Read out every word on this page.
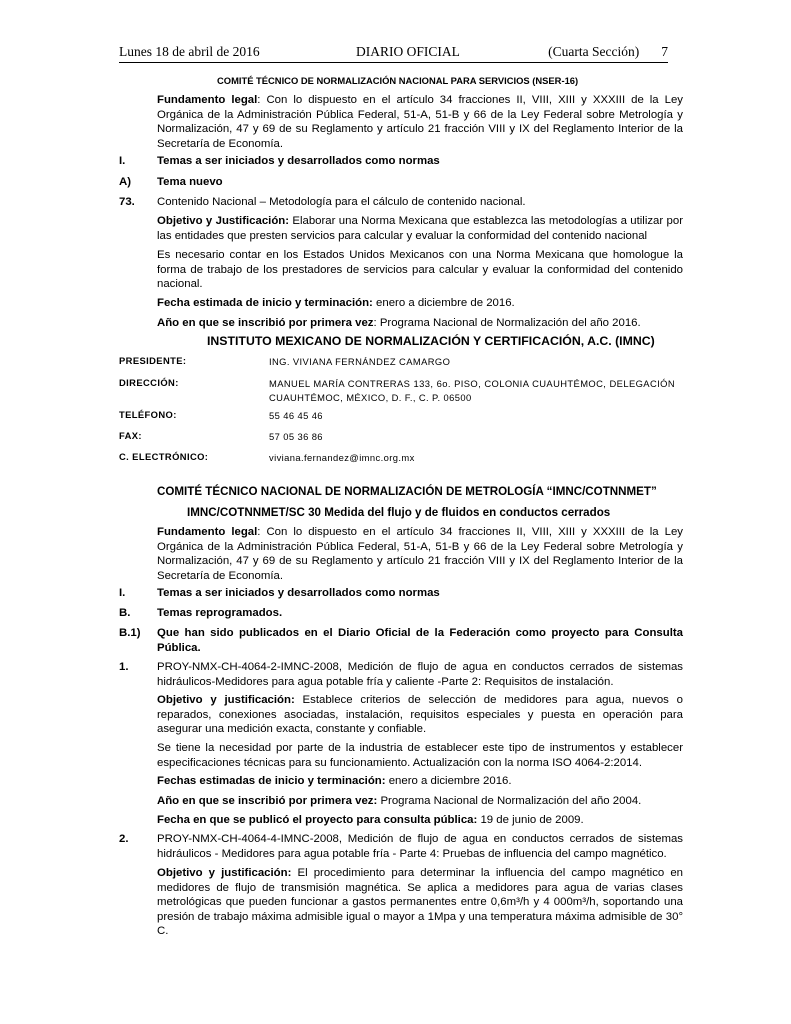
Lunes 18 de abril de 2016	DIARIO OFICIAL	(Cuarta Sección) 7
COMITÉ TÉCNICO DE NORMALIZACIÓN NACIONAL PARA SERVICIOS (NSER-16)
Fundamento legal: Con lo dispuesto en el artículo 34 fracciones II, VIII, XIII y XXXIII de la Ley Orgánica de la Administración Pública Federal, 51-A, 51-B y 66 de la Ley Federal sobre Metrología y Normalización, 47 y 69 de su Reglamento y artículo 21 fracción VIII y IX del Reglamento Interior de la Secretaría de Economía.
I.	Temas a ser iniciados y desarrollados como normas
A) Tema nuevo
73. Contenido Nacional – Metodología para el cálculo de contenido nacional.
Objetivo y Justificación: Elaborar una Norma Mexicana que establezca las metodologías a utilizar por las entidades que presten servicios para calcular y evaluar la conformidad del contenido nacional
Es necesario contar en los Estados Unidos Mexicanos con una Norma Mexicana que homologue la forma de trabajo de los prestadores de servicios para calcular y evaluar la conformidad del contenido nacional.
Fecha estimada de inicio y terminación: enero a diciembre de 2016.
Año en que se inscribió por primera vez: Programa Nacional de Normalización del año 2016.
INSTITUTO MEXICANO DE NORMALIZACIÓN Y CERTIFICACIÓN, A.C. (IMNC)
PRESIDENTE:	ING. VIVIANA FERNÁNDEZ CAMARGO
DIRECCIÓN:	MANUEL MARÍA CONTRERAS 133, 6o. PISO, COLONIA CUAUHTÉMOC, DELEGACIÓN CUAUHTÉMOC, MÉXICO, D. F., C. P. 06500
TELÉFONO:	55 46 45 46
FAX:	57 05 36 86
C. ELECTRÓNICO:	viviana.fernandez@imnc.org.mx
COMITÉ TÉCNICO NACIONAL DE NORMALIZACIÓN DE METROLOGÍA “IMNC/COTNNMET”
IMNC/COTNNMET/SC 30 Medida del flujo y de fluidos en conductos cerrados
Fundamento legal: Con lo dispuesto en el artículo 34 fracciones II, VIII, XIII y XXXIII de la Ley Orgánica de la Administración Pública Federal, 51-A, 51-B y 66 de la Ley Federal sobre Metrología y Normalización, 47 y 69 de su Reglamento y artículo 21 fracción VIII y IX del Reglamento Interior de la Secretaría de Economía.
I.	Temas a ser iniciados y desarrollados como normas
B. Temas reprogramados.
B.1) Que han sido publicados en el Diario Oficial de la Federación como proyecto para Consulta Pública.
1.	PROY-NMX-CH-4064-2-IMNC-2008, Medición de flujo de agua en conductos cerrados de sistemas hidráulicos-Medidores para agua potable fría y caliente -Parte 2: Requisitos de instalación.
Objetivo y justificación: Establece criterios de selección de medidores para agua, nuevos o reparados, conexiones asociadas, instalación, requisitos especiales y puesta en operación para asegurar una medición exacta, constante y confiable.
Se tiene la necesidad por parte de la industria de establecer este tipo de instrumentos y establecer especificaciones técnicas para su funcionamiento. Actualización con la norma ISO 4064-2:2014.
Fechas estimadas de inicio y terminación: enero a diciembre 2016.
Año en que se inscribió por primera vez: Programa Nacional de Normalización del año 2004.
Fecha en que se publicó el proyecto para consulta pública: 19 de junio de 2009.
2.	PROY-NMX-CH-4064-4-IMNC-2008, Medición de flujo de agua en conductos cerrados de sistemas hidráulicos - Medidores para agua potable fría - Parte 4: Pruebas de influencia del campo magnético.
Objetivo y justificación: El procedimiento para determinar la influencia del campo magnético en medidores de flujo de transmisión magnética. Se aplica a medidores para agua de varias clases metrológicas que pueden funcionar a gastos permanentes entre 0,6m³/h y 4 000m³/h, soportando una presión de trabajo máxima admisible igual o mayor a 1Mpa y una temperatura máxima admisible de 30° C.
